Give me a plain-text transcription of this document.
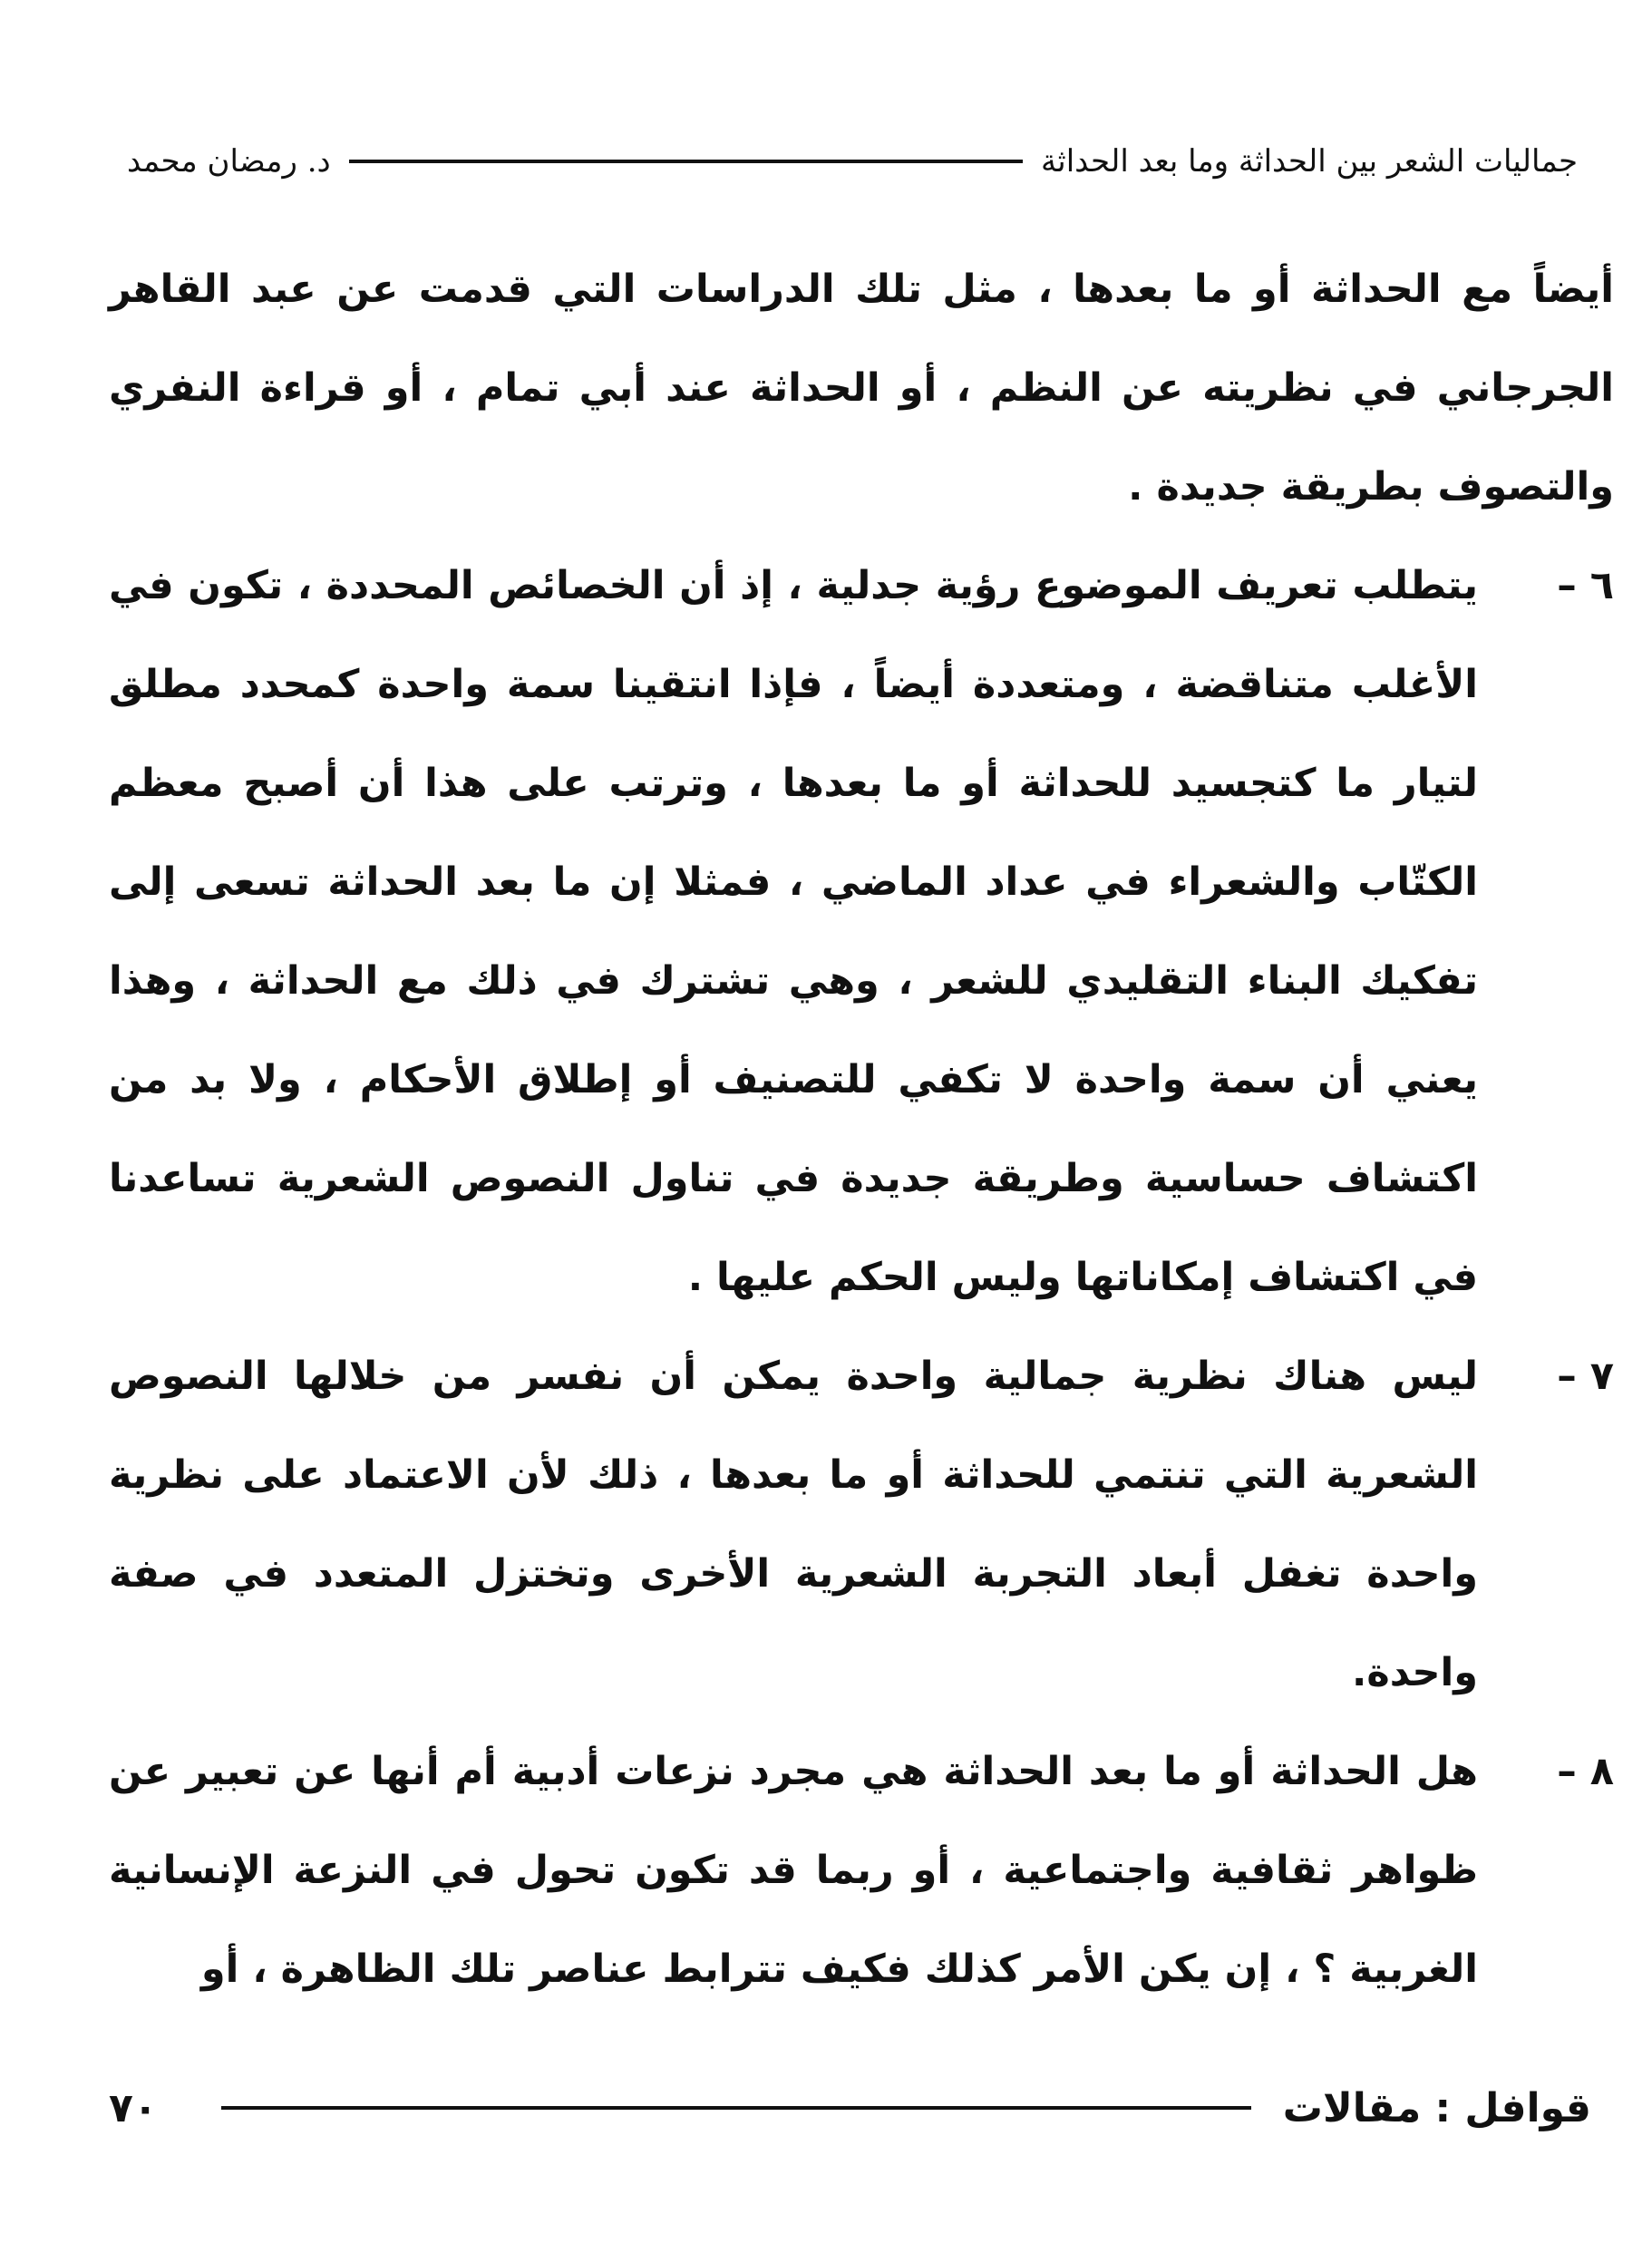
جماليات الشعر بين الحداثة وما بعد الحداثة
د. رمضان محمد

أيضاً مع الحداثة أو ما بعدها ، مثل تلك الدراسات التي قدمت عن عبد القاهر الجرجاني في نظريته عن النظم ، أو الحداثة عند أبي تمام ، أو قراءة النفري والتصوف بطريقة جديدة .

٦ –

يتطلب تعريف الموضوع رؤية جدلية ، إذ أن الخصائص المحددة ، تكون في الأغلب متناقضة ، ومتعددة أيضاً ، فإذا انتقينا سمة واحدة كمحدد مطلق لتيار ما كتجسيد للحداثة أو ما بعدها ، وترتب على هذا أن أصبح معظم الكتّاب والشعراء في عداد الماضي ، فمثلا إن ما بعد الحداثة تسعى إلى تفكيك البناء التقليدي للشعر ، وهي تشترك في ذلك مع الحداثة ، وهذا يعني أن سمة واحدة لا تكفي للتصنيف أو إطلاق الأحكام ، ولا بد من اكتشاف حساسية وطريقة جديدة في تناول النصوص الشعرية تساعدنا في اكتشاف إمكاناتها وليس الحكم عليها .

٧ –

ليس هناك نظرية جمالية واحدة يمكن أن نفسر من خلالها النصوص الشعرية التي تنتمي للحداثة أو ما بعدها ، ذلك لأن الاعتماد على نظرية واحدة تغفل أبعاد التجربة الشعرية الأخرى وتختزل المتعدد في صفة واحدة.

٨ –

هل الحداثة أو ما بعد الحداثة هي مجرد نزعات أدبية أم أنها عن تعبير عن ظواهر ثقافية واجتماعية ، أو ربما قد تكون تحول في النزعة الإنسانية الغربية ؟ ، إن يكن الأمر كذلك فكيف تترابط عناصر تلك الظاهرة ، أو

قوافل : مقالات
٧٠
